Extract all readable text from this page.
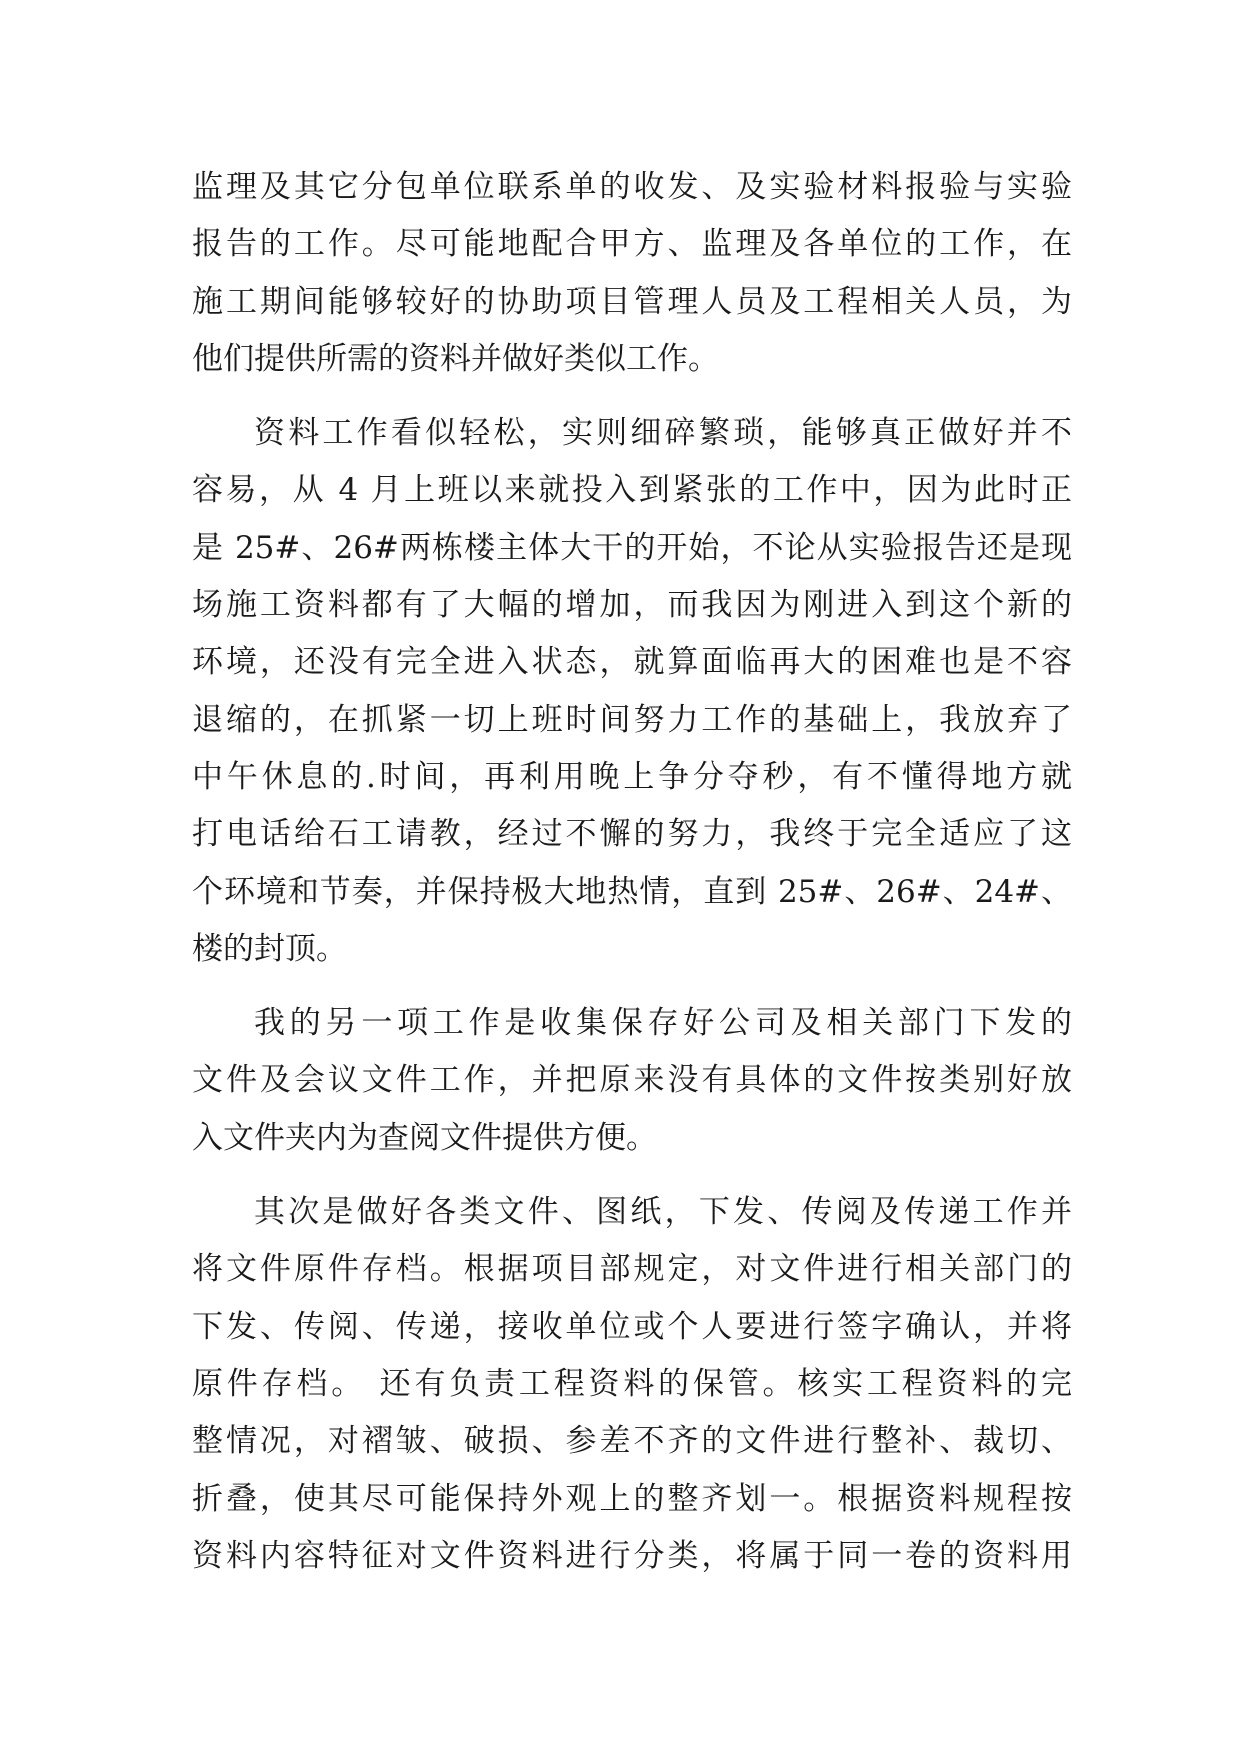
监理及其它分包单位联系单的收发、及实验材料报验与实验
报告的工作。尽可能地配合甲方、监理及各单位的工作，在
施工期间能够较好的协助项目管理人员及工程相关人员，为
他们提供所需的资料并做好类似工作。
资料工作看似轻松，实则细碎繁琐，能够真正做好并不
容易，从 4 月上班以来就投入到紧张的工作中，因为此时正
是 25#、26#两栋楼主体大干的开始，不论从实验报告还是现
场施工资料都有了大幅的增加，而我因为刚进入到这个新的
环境，还没有完全进入状态，就算面临再大的困难也是不容
退缩的，在抓紧一切上班时间努力工作的基础上，我放弃了
中午休息的.时间，再利用晚上争分夺秒，有不懂得地方就
打电话给石工请教，经过不懈的努力，我终于完全适应了这
个环境和节奏，并保持极大地热情，直到 25#、26#、24#、
楼的封顶。
我的另一项工作是收集保存好公司及相关部门下发的
文件及会议文件工作，并把原来没有具体的文件按类别好放
入文件夹内为查阅文件提供方便。
其次是做好各类文件、图纸，下发、传阅及传递工作并
将文件原件存档。根据项目部规定，对文件进行相关部门的
下发、传阅、传递，接收单位或个人要进行签字确认，并将
原件存档。 还有负责工程资料的保管。核实工程资料的完
整情况，对褶皱、破损、参差不齐的文件进行整补、裁切、
折叠，使其尽可能保持外观上的整齐划一。根据资料规程按
资料内容特征对文件资料进行分类，将属于同一卷的资料用
